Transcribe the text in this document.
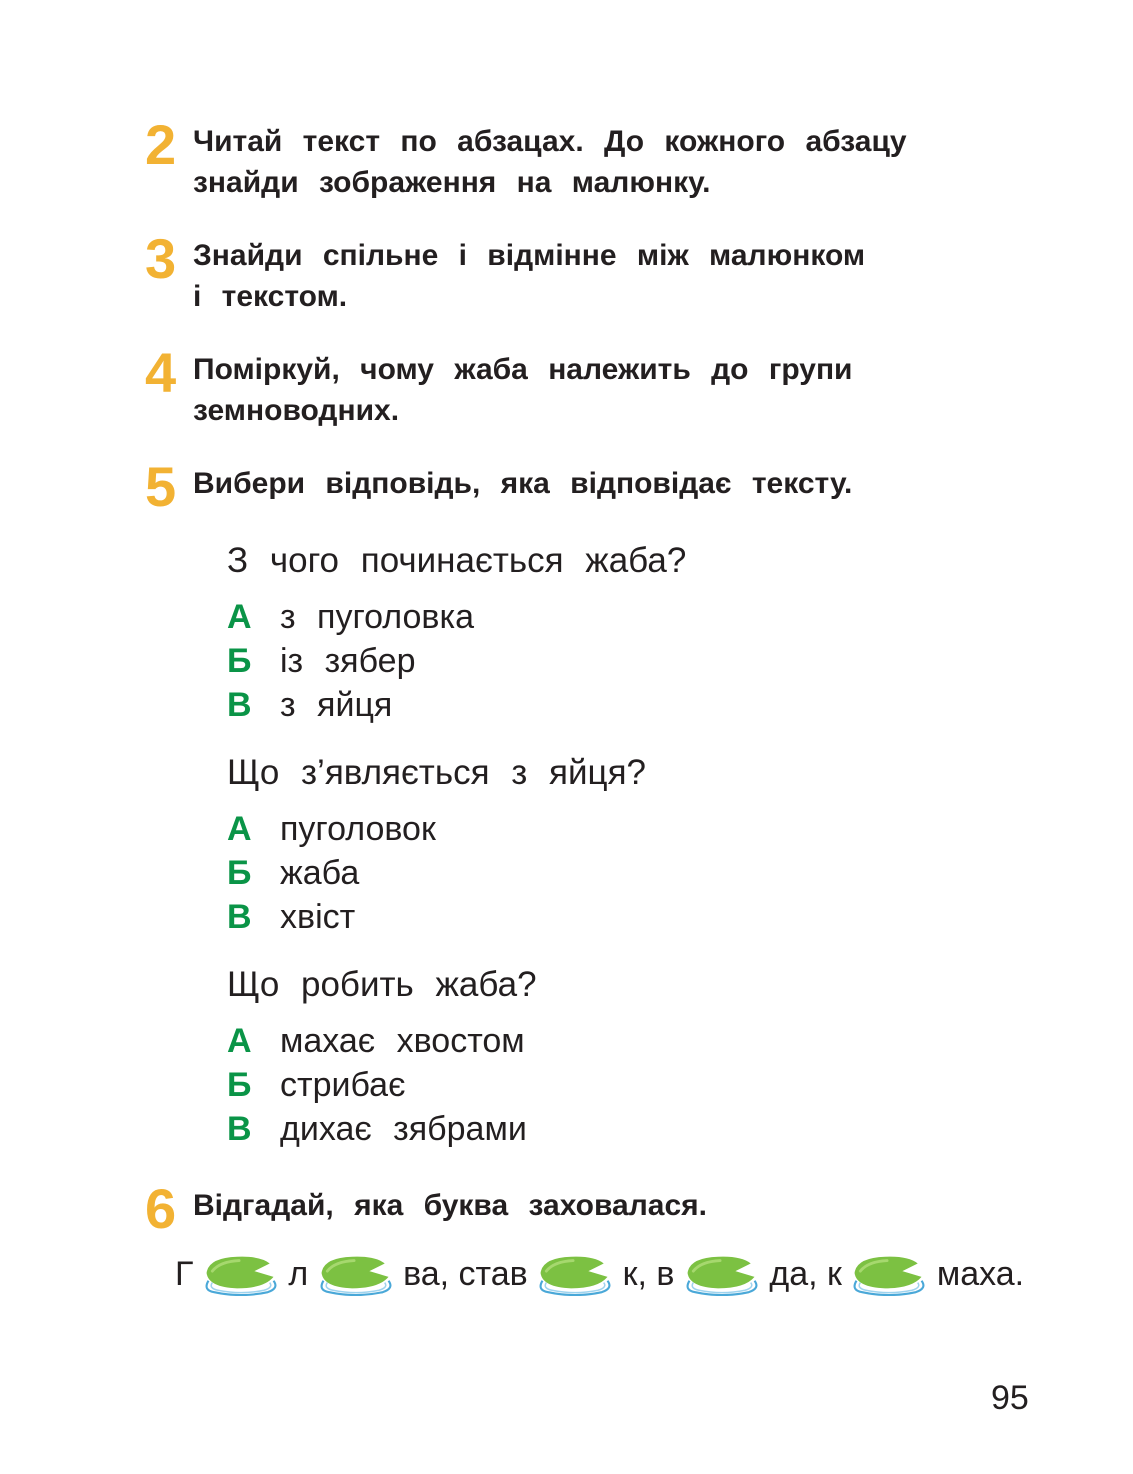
2 Читай текст по абзацах. До кожного абзацу
знайди зображення на малюнку.
3 Знайди спільне і відмінне між малюнком
і текстом.
4 Поміркуй, чому жаба належить до групи
земноводних.
5 Вибери відповідь, яка відповідає тексту.
З чого починається жаба?
А з пуголовка
Б із зябер
В з яйця
Що з’являється з яйця?
А пуголовок
Б жаба
В хвіст
Що робить жаба?
А махає хвостом
Б стрибає
В дихає зябрами
6 Відгадай, яка буква заховалася.
Г	л	ва, став	к, в	да, к	маха.
95
